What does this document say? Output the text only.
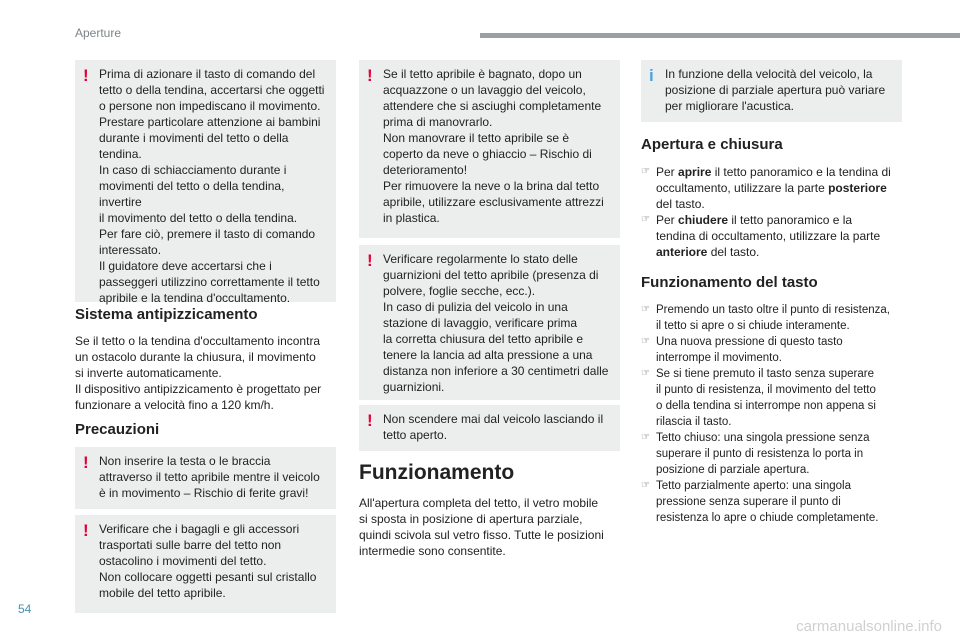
Aperture
! Prima di azionare il tasto di comando del
tetto o della tendina, accertarsi che oggetti
o persone non impediscano il movimento.
Prestare particolare attenzione ai bambini
durante i movimenti del tetto o della
tendina.
In caso di schiacciamento durante i
movimenti del tetto o della tendina, invertire
il movimento del tetto o della tendina.
Per fare ciò, premere il tasto di comando
interessato.
Il guidatore deve accertarsi che i
passeggeri utilizzino correttamente il tetto
apribile e la tendina d'occultamento.
Sistema antipizzicamento
Se il tetto o la tendina d'occultamento incontra
un ostacolo durante la chiusura, il movimento
si inverte automaticamente.
Il dispositivo antipizzicamento è progettato per
funzionare a velocità fino a 120 km/h.
Precauzioni
! Non inserire la testa o le braccia
attraverso il tetto apribile mentre il veicolo
è in movimento – Rischio di ferite gravi!
! Verificare che i bagagli e gli accessori
trasportati sulle barre del tetto non
ostacolino i movimenti del tetto.
Non collocare oggetti pesanti sul cristallo
mobile del tetto apribile.
! Se il tetto apribile è bagnato, dopo un
acquazzone o un lavaggio del veicolo,
attendere che si asciughi completamente
prima di manovrarlo.
Non manovrare il tetto apribile se è
coperto da neve o ghiaccio – Rischio di
deterioramento!
Per rimuovere la neve o la brina dal tetto
apribile, utilizzare esclusivamente attrezzi
in plastica.
! Verificare regolarmente lo stato delle
guarnizioni del tetto apribile (presenza di
polvere, foglie secche, ecc.).
In caso di pulizia del veicolo in una
stazione di lavaggio, verificare prima
la corretta chiusura del tetto apribile e
tenere la lancia ad alta pressione a una
distanza non inferiore a 30 centimetri dalle
guarnizioni.
! Non scendere mai dal veicolo lasciando il
tetto aperto.
Funzionamento
All'apertura completa del tetto, il vetro mobile
si sposta in posizione di apertura parziale,
quindi scivola sul vetro fisso. Tutte le posizioni
intermedie sono consentite.
i In funzione della velocità del veicolo, la
posizione di parziale apertura può variare
per migliorare l'acustica.
Apertura e chiusura
☞ Per aprire il tetto panoramico e la tendina di
occultamento, utilizzare la parte posteriore
del tasto.
☞ Per chiudere il tetto panoramico e la
tendina di occultamento, utilizzare la parte
anteriore del tasto.
Funzionamento del tasto
☞ Premendo un tasto oltre il punto di resistenza,
il tetto si apre o si chiude interamente.
☞ Una nuova pressione di questo tasto
interrompe il movimento.
☞ Se si tiene premuto il tasto senza superare
il punto di resistenza, il movimento del tetto
o della tendina si interrompe non appena si
rilascia il tasto.
☞ Tetto chiuso: una singola pressione senza
superare il punto di resistenza lo porta in
posizione di parziale apertura.
☞ Tetto parzialmente aperto: una singola
pressione senza superare il punto di
resistenza lo apre o chiude completamente.
54
carmanualsonline.info
